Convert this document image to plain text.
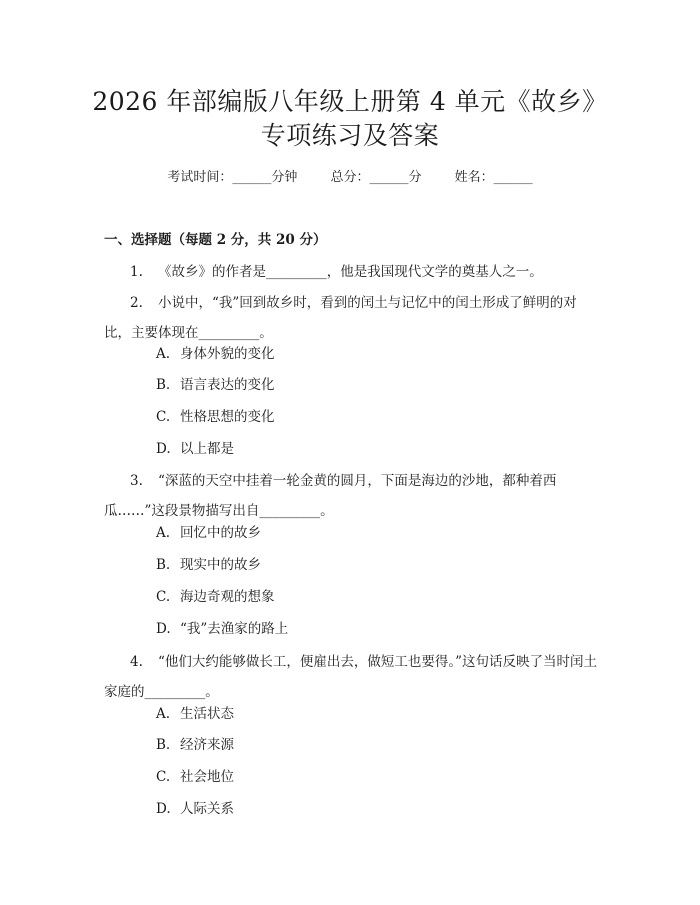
2026 年部编版八年级上册第 4 单元《故乡》
专项练习及答案
考试时间：______分钟	总分：______分	姓名：______
一、选择题（每题 2 分，共 20 分）
1. 《故乡》的作者是_________，他是我国现代文学的奠基人之一。
2. 小说中，“我”回到故乡时，看到的闰土与记忆中的闰土形成了鲜明的对比，主要体现在_________。
A. 身体外貌的变化
B. 语言表达的变化
C. 性格思想的变化
D. 以上都是
3. “深蓝的天空中挂着一轮金黄的圆月，下面是海边的沙地，都种着西瓜……”这段景物描写出自_________。
A. 回忆中的故乡
B. 现实中的故乡
C. 海边奇观的想象
D. “我”去渔家的路上
4. “他们大约能够做长工，便雇出去，做短工也要得。”这句话反映了当时闰土家庭的_________。
A. 生活状态
B. 经济来源
C. 社会地位
D. 人际关系
